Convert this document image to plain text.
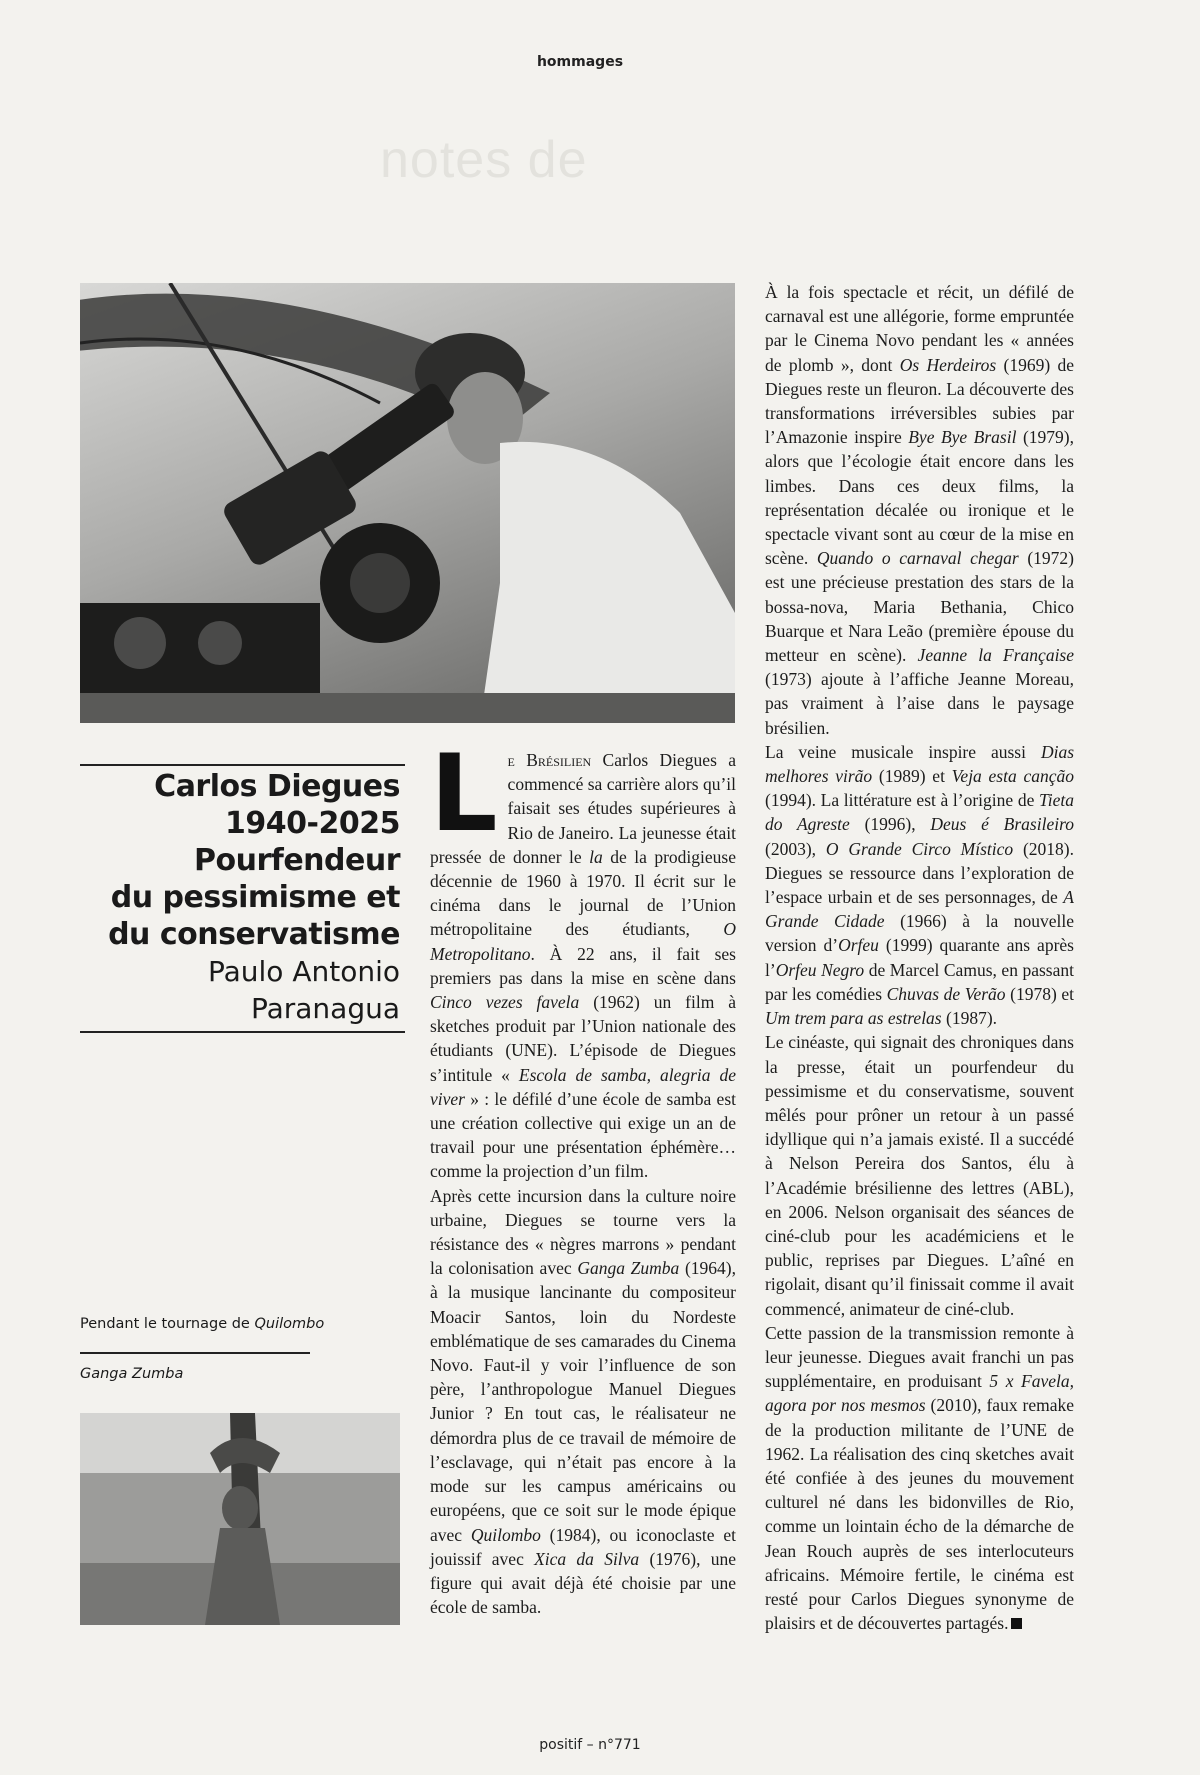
notes de
hommages
Carlos Diegues
1940-2025
Pourfendeur
du pessimisme et
du conservatisme

Paulo Antonio
Paranagua

Pendant le tournage de Quilombo
Ganga Zumba

Le Brésilien Carlos Diegues a commencé sa carrière alors qu’il faisait ses études supérieures à Rio de Janeiro. La jeunesse était pressée de donner le la de la prodigieuse décennie de 1960 à 1970. Il écrit sur le cinéma dans le journal de l’Union métropolitaine des étudiants, O Metropolitano. À 22 ans, il fait ses premiers pas dans la mise en scène dans Cinco vezes favela (1962) un film à sketches produit par l’Union nationale des étudiants (UNE). L’épisode de Diegues s’intitule « Escola de samba, alegria de viver » : le défilé d’une école de samba est une création collective qui exige un an de travail pour une présentation éphémère… comme la projection d’un film.

Après cette incursion dans la culture noire urbaine, Diegues se tourne vers la résistance des « nègres marrons » pendant la colonisation avec Ganga Zumba (1964), à la musique lancinante du compositeur Moacir Santos, loin du Nordeste emblématique de ses camarades du Cinema Novo. Faut-il y voir l’influence de son père, l’anthropologue Manuel Diegues Junior ? En tout cas, le réalisateur ne démordra plus de ce travail de mémoire de l’esclavage, qui n’était pas encore à la mode sur les campus américains ou européens, que ce soit sur le mode épique avec Quilombo (1984), ou iconoclaste et jouissif avec Xica da Silva (1976), une figure qui avait déjà été choisie par une école de samba.

À la fois spectacle et récit, un défilé de carnaval est une allégorie, forme empruntée par le Cinema Novo pendant les « années de plomb », dont Os Herdeiros (1969) de Diegues reste un fleuron. La découverte des transformations irréversibles subies par l’Amazonie inspire Bye Bye Brasil (1979), alors que l’écologie était encore dans les limbes. Dans ces deux films, la représentation décalée ou ironique et le spectacle vivant sont au cœur de la mise en scène. Quando o carnaval chegar (1972) est une précieuse prestation des stars de la bossa-nova, Maria Bethania, Chico Buarque et Nara Leão (première épouse du metteur en scène). Jeanne la Française (1973) ajoute à l’affiche Jeanne Moreau, pas vraiment à l’aise dans le paysage brésilien.

La veine musicale inspire aussi Dias melhores virão (1989) et Veja esta canção (1994). La littérature est à l’origine de Tieta do Agreste (1996), Deus é Brasileiro (2003), O Grande Circo Místico (2018). Diegues se ressource dans l’exploration de l’espace urbain et de ses personnages, de A Grande Cidade (1966) à la nouvelle version d’Orfeu (1999) quarante ans après l’Orfeu Negro de Marcel Camus, en passant par les comédies Chuvas de Verão (1978) et Um trem para as estrelas (1987).

Le cinéaste, qui signait des chroniques dans la presse, était un pourfendeur du pessimisme et du conservatisme, souvent mêlés pour prôner un retour à un passé idyllique qui n’a jamais existé. Il a succédé à Nelson Pereira dos Santos, élu à l’Académie brésilienne des lettres (ABL), en 2006. Nelson organisait des séances de ciné-club pour les académiciens et le public, reprises par Diegues. L’aîné en rigolait, disant qu’il finissait comme il avait commencé, animateur de ciné-club.

Cette passion de la transmission remonte à leur jeunesse. Diegues avait franchi un pas supplémentaire, en produisant 5 x Favela, agora por nos mesmos (2010), faux remake de la production militante de l’UNE de 1962. La réalisation des cinq sketches avait été confiée à des jeunes du mouvement culturel né dans les bidonvilles de Rio, comme un lointain écho de la démarche de Jean Rouch auprès de ses interlocuteurs africains. Mémoire fertile, le cinéma est resté pour Carlos Diegues synonyme de plaisirs et de découvertes partagés.

positif – n°771
